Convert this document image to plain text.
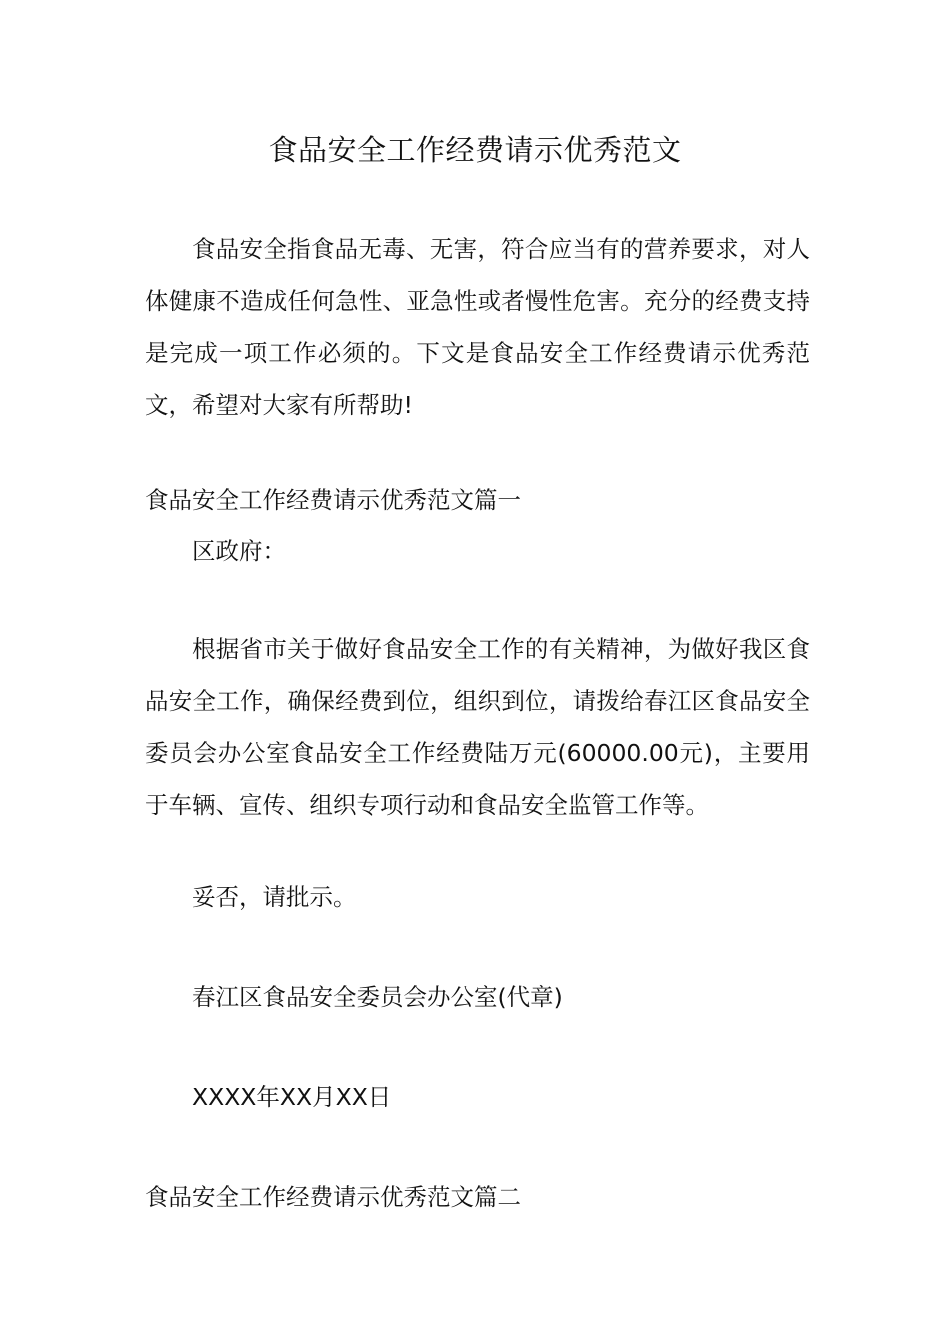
食品安全工作经费请示优秀范文

食品安全指食品无毒、无害，符合应当有的营养要求，对人体健康不造成任何急性、亚急性或者慢性危害。充分的经费支持是完成一项工作必须的。下文是食品安全工作经费请示优秀范文，希望对大家有所帮助!

食品安全工作经费请示优秀范文篇一
区政府：

根据省市关于做好食品安全工作的有关精神，为做好我区食品安全工作，确保经费到位，组织到位，请拨给春江区食品安全委员会办公室食品安全工作经费陆万元(60000.00元)，主要用于车辆、宣传、组织专项行动和食品安全监管工作等。

妥否，请批示。
春江区食品安全委员会办公室(代章)
XXXX年XX月XX日
食品安全工作经费请示优秀范文篇二
